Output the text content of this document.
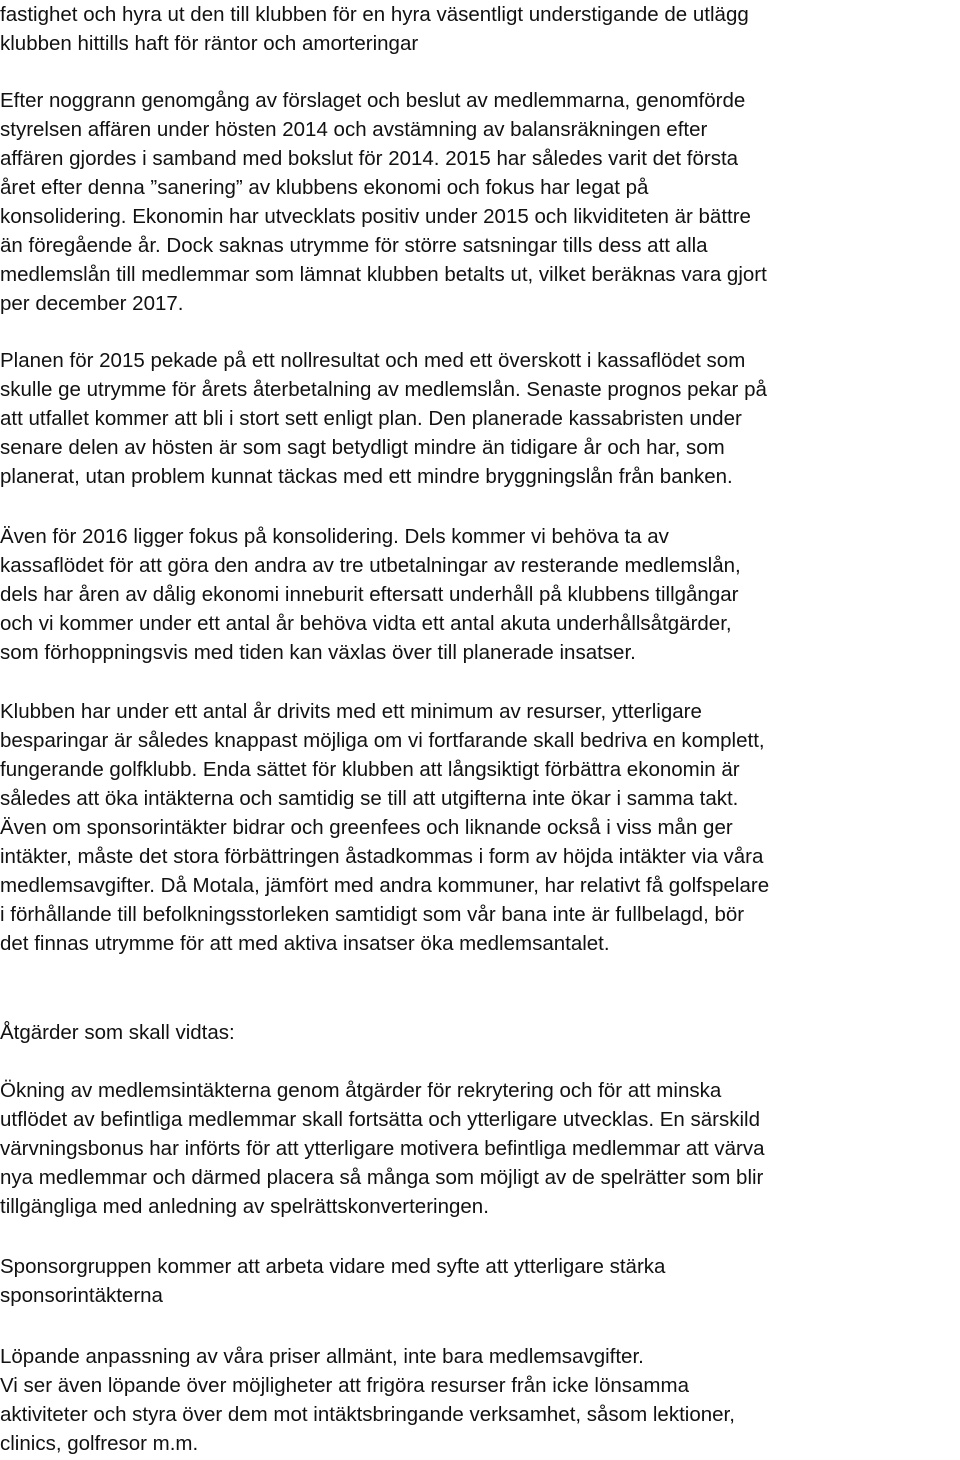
fastighet och hyra ut den till klubben för en hyra väsentligt understigande de utlägg
klubben hittills haft för räntor och amorteringar
Efter noggrann genomgång av förslaget och beslut av medlemmarna, genomförde
styrelsen affären under hösten 2014 och avstämning av balansräkningen efter
affären gjordes i samband med bokslut för 2014. 2015 har således varit det första
året efter denna ”sanering” av klubbens ekonomi och fokus har legat på
konsolidering. Ekonomin har utvecklats positiv under 2015 och likviditeten är bättre
än föregående år. Dock saknas utrymme för större satsningar tills dess att alla
medlemslån till medlemmar som lämnat klubben betalts ut, vilket beräknas vara gjort
per december 2017.
Planen för 2015 pekade på ett nollresultat och med ett överskott i kassaflödet som
skulle ge utrymme för årets återbetalning av medlemslån. Senaste prognos pekar på
att utfallet kommer att bli i stort sett enligt plan. Den planerade kassabristen under
senare delen av hösten är som sagt betydligt mindre än tidigare år och har, som
planerat, utan problem kunnat täckas med ett mindre bryggningslån från banken.
Även för 2016 ligger fokus på konsolidering. Dels kommer vi behöva ta av
kassaflödet för att göra den andra av tre utbetalningar av resterande medlemslån,
dels har åren av dålig ekonomi inneburit eftersatt underhåll på klubbens tillgångar
och vi kommer under ett antal år behöva vidta ett antal akuta underhållsåtgärder,
som förhoppningsvis med tiden kan växlas över till planerade insatser.
Klubben har under ett antal år drivits med ett minimum av resurser, ytterligare
besparingar är således knappast möjliga om vi fortfarande skall bedriva en komplett,
fungerande golfklubb. Enda sättet för klubben att långsiktigt förbättra ekonomin är
således att öka intäkterna och samtidig se till att utgifterna inte ökar i samma takt.
Även om sponsorintäkter bidrar och greenfees och liknande också i viss mån ger
intäkter, måste det stora förbättringen åstadkommas i form av höjda intäkter via våra
medlemsavgifter. Då Motala, jämfört med andra kommuner, har relativt få golfspelare
i förhållande till befolkningsstorleken samtidigt som vår bana inte är fullbelagd, bör
det finnas utrymme för att med aktiva insatser öka medlemsantalet.
Åtgärder som skall vidtas:
Ökning av medlemsintäkterna genom åtgärder för rekrytering och för att minska
utflödet av befintliga medlemmar skall fortsätta och ytterligare utvecklas. En särskild
värvningsbonus har införts för att ytterligare motivera befintliga medlemmar att värva
nya medlemmar och därmed placera så många som möjligt av de spelrätter som blir
tillgängliga med anledning av spelrättskonverteringen.
Sponsorgruppen kommer att arbeta vidare med syfte att ytterligare stärka
sponsorintäkterna
Löpande anpassning av våra priser allmänt, inte bara medlemsavgifter.
Vi ser även löpande över möjligheter att frigöra resurser från icke lönsamma
aktiviteter och styra över dem mot intäktsbringande verksamhet, såsom lektioner,
clinics, golfresor m.m.
